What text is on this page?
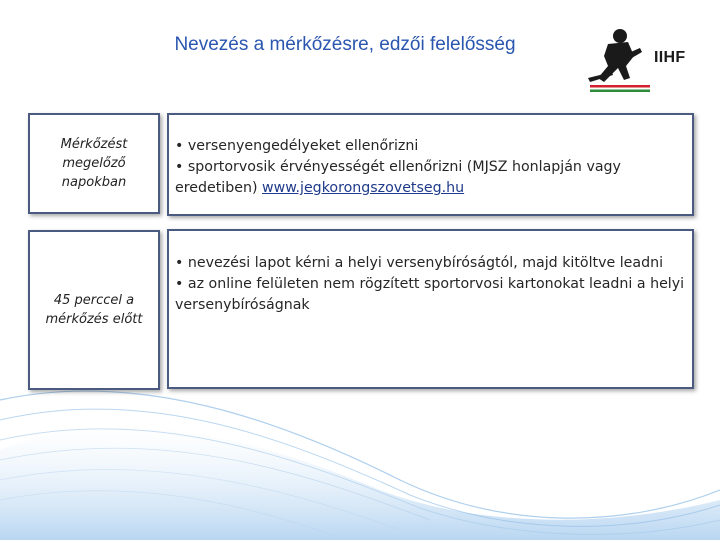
Nevezés a mérkőzésre, edzői felelősség
IIHF
Mérkőzést
megelőző
napokban

• versenyengedélyeket ellenőrizni

• sportorvosik érvényességét ellenőrizni (MJSZ honlapján vagy eredetiben) www.jegkorongszovetseg.hu

45 perccel a
mérkőzés előtt

• nevezési lapot kérni a helyi versenybíróságtól, majd kitöltve leadni

• az online felületen nem rögzített sportorvosi kartonokat leadni a helyi versenybíróságnak
